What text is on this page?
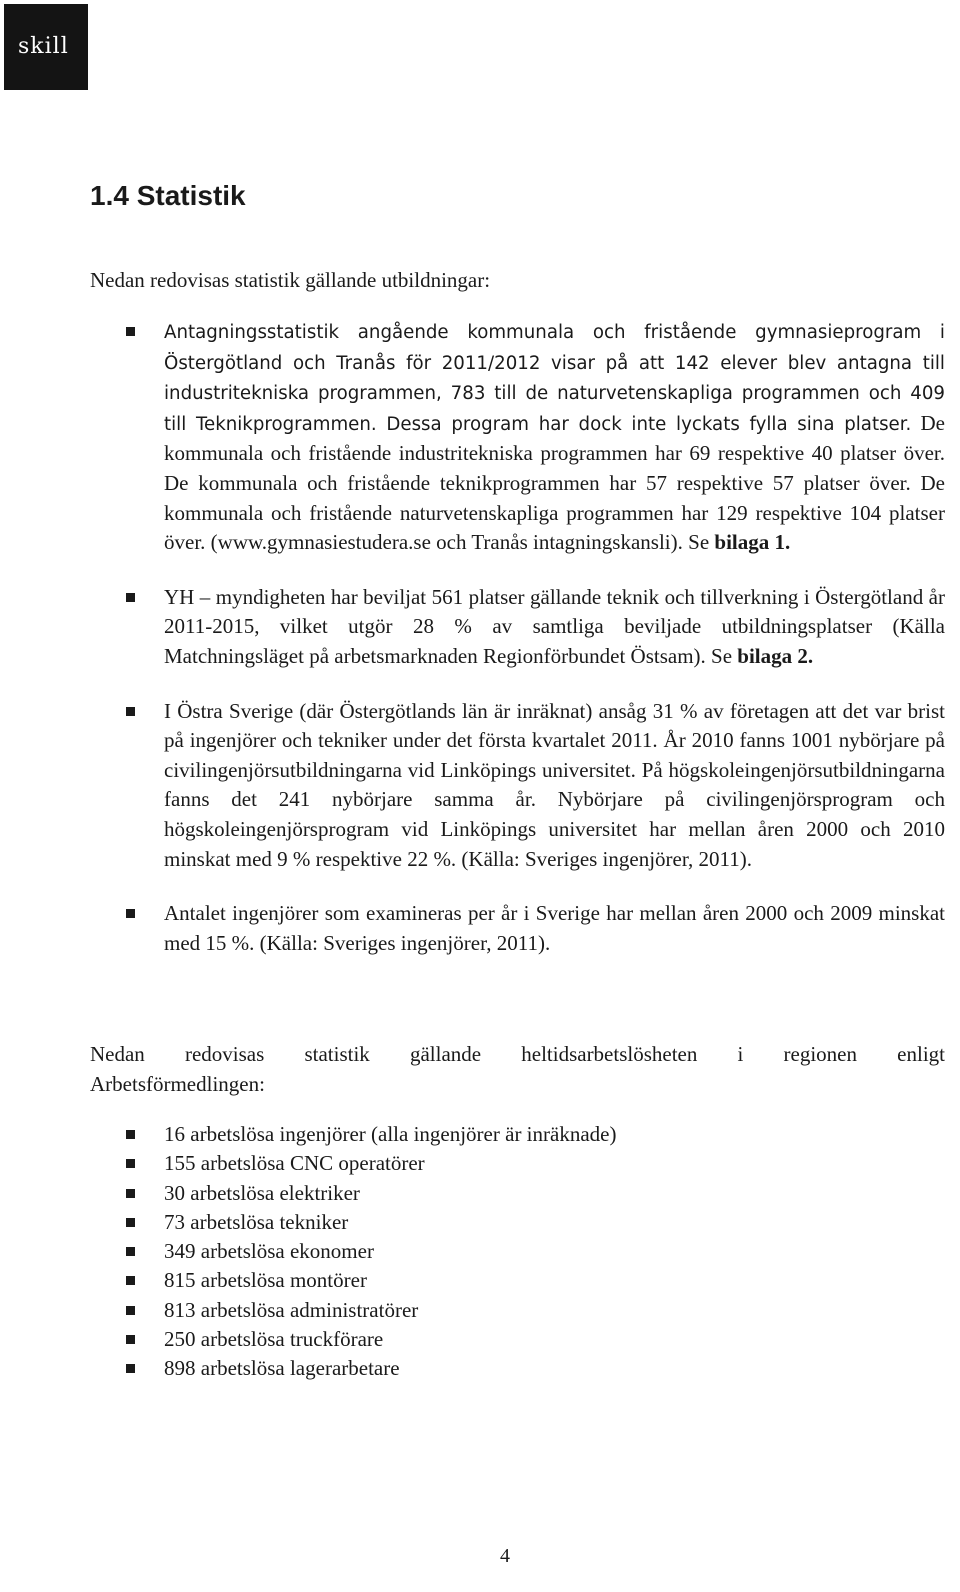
skill
1.4 Statistik

Nedan redovisas statistik gällande utbildningar:

Antagningsstatistik angående kommunala och fristående gymnasieprogram i Östergötland och Tranås för 2011/2012 visar på att 142 elever blev antagna till industritekniska programmen, 783 till de naturvetenskapliga programmen och 409 till Teknikprogrammen. Dessa program har dock inte lyckats fylla sina platser. De kommunala och fristående industritekniska programmen har 69 respektive 40 platser över. De kommunala och fristående teknikprogrammen har 57 respektive 57 platser över. De kommunala och fristående naturvetenskapliga programmen har 129 respektive 104 platser över. (www.gymnasiestudera.se och Tranås intagningskansli). Se bilaga 1.
YH – myndigheten har beviljat 561 platser gällande teknik och tillverkning i Östergötland år 2011-2015, vilket utgör 28 % av samtliga beviljade utbildningsplatser (Källa Matchningsläget på arbetsmarknaden Regionförbundet Östsam). Se bilaga 2.
I Östra Sverige (där Östergötlands län är inräknat) ansåg 31 % av företagen att det var brist på ingenjörer och tekniker under det första kvartalet 2011. År 2010 fanns 1001 nybörjare på civilingenjörsutbildningarna vid Linköpings universitet. På högskoleingenjörsutbildningarna fanns det 241 nybörjare samma år. Nybörjare på civilingenjörsprogram och högskoleingenjörsprogram vid Linköpings universitet har mellan åren 2000 och 2010 minskat med 9 % respektive 22 %. (Källa: Sveriges ingenjörer, 2011).
Antalet ingenjörer som examineras per år i Sverige har mellan åren 2000 och 2009 minskat med 15 %. (Källa: Sveriges ingenjörer, 2011).

Nedan redovisas statistik gällande heltidsarbetslösheten i regionen enligt
Arbetsförmedlingen:

16 arbetslösa ingenjörer (alla ingenjörer är inräknade)
155 arbetslösa CNC operatörer
30 arbetslösa elektriker
73 arbetslösa tekniker
349 arbetslösa ekonomer
815 arbetslösa montörer
813 arbetslösa administratörer
250 arbetslösa truckförare
898 arbetslösa lagerarbetare
4
